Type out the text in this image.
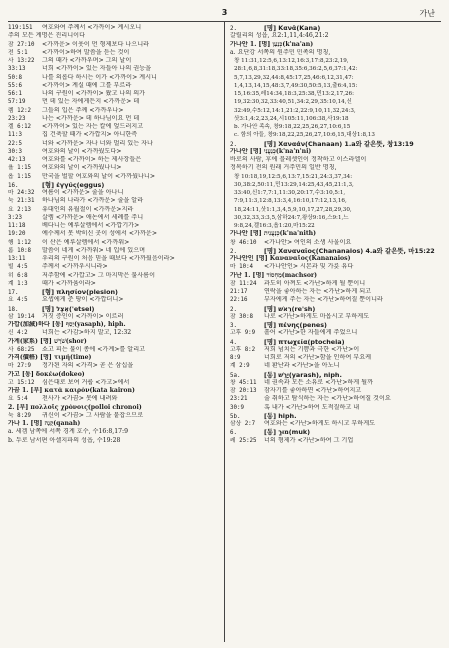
3	가난
119:151 여호와여 주께서 <가까이> 계시오니
주의 모든 계명은 진리니이다
잠 27:10 <가까운> 이웃이 먼 형제보다 나으니라
전 5:1 <가까이>하여 말씀을 듣는 것이
사 13:22 그의 때가 <가까우며> 그의 날이
33:13	너희 <가까이> 있는 자들아 나의 권능을
50:8	나를 의롭다 하시는 이가 <가까이> 계시니
55:6	<가까이> 계실 때에 그를 부르라
56:1	나의 구원이 <가까이> 왔고 나의 의가
57:19	먼 데 있는 자에게든지 <가까운> 데
렘 12:2 그들의 입은 주께 <가까우나>
23:23	나는 <가까운> 데 하나님이요 먼 데
겔 6:12 <가까이> 있는 자는 칼에 엎드러지고
11:3	집 건축할 때가 <가깝지> 아니한즉
22:5	너와 <가까운> 자나 너와 멀리 있는 자나
30:3	여호와의 날이 <가까웠도다>
42:13	여호와를 <가까이> 하는 제사장들은
욜 1:15 여호와의 날이 <가까웠나니>
옵 1:15 만국을 벌할 여호와의 날이 <가까웠나니>
16.	[형] ἐγγύς(eggus)
마 24:32 여름이 <가까운> 줄을 아나니
눅 21:31 하나님의 나라가 <가까운> 줄을 알라
요 2:13 유대인의 유월절이 <가까운>지라
3:23	살렘 <가까운> 애논에서 세례를 주니
11:18	베다니는 예루살렘에서 <가깝기가>
19:20	예수께서 못 박히신 곳이 성에서 <가까운>
행 1:12 이 산은 예루살렘에서 <가까워>
롬 10:8 말씀이 네게 <가까워> 네 입에 있으며
13:11	우리의 구원이 처음 믿을 때보다 <가까웠음이라>
빌 4:5 주께서 <가까우시니라>
히 6:8 저주함에 <가깝고> 그 마지막은 불사름이
계 1:3 때가 <가까움이라>
17.	[형] πλησίον(plesion)
요 4:5 요셉에게 준 땅이 <가깝더니>
18.	[명] אֵצֶל('etsel)
삼 19:14 거짓 증인이 <가까이> 이르러
가깝(加減)하다 [동] יָסַף(yasaph), hiph.
신 4:2 너희는 <가감>하지 말고, 12:32
가계(家系) [명] שֹׁרֶשׁ(shor)
사 68:25 쇼고 피는 불이 종에 <가계>를 알리고
가격(價格) [명] τιμή(time)
마 27:9 정가된 자의 <가격> 곧 은 삼십을
가고 [동] δοκέω(dokeo)
고 15:12 심은대로 보여 거룹 <가고>에서
가끔 1. [부] κατὰ καιρόν(kata kairon)
요 5:4 천사가 <가끔> 못에 내려와
2. [부] πολλοῖς χρόνοις(polloi chronoi)
눅 8:29 귀신이 <가끔> 그 사람을 붙잡으므로
가나 1. [명] קָנָה(qanah)
a. 세겜 남쪽에 서쪽 경계 호수, 수16:8,17:9
b. 두로 남서편 아셀지파의 성읍, 수19:28
2.	[명] Κανᾶ(Kana)
갈릴리의 성읍, 요2:1,11,4:46,21:2
가나안 1. [명] כְּנַעַן(k'na'an)
a. 요단강 서쪽의 원주민 민족의 명칭,
창 11:31,12:5,6,13:12,16:3,17:8,23:2,19,
28:1,6,8,31:18,33:18,35:6,36:2,5,6,37:1,42:
5,7,13,29,32,44:8,45:17,25,46:6,12,31,47:
1,4,13,14,15,48:3,7,49:30,50:5,13,출6:4,15:
15,16:35,레14:34,18:3,25:38,민13:2,17,26:
19,32:30,32,33:40,51,34:2,29,35:10,14,신
32:49,수5:12,14:1,21:2,22:9,10,11,32,24:3,
삿3:1,4:2,23,24,시105:11,106:38,사19:18
b. 가나안 족속, 창9:18,22,25,26,27,10:6,15
c. 함의 아들, 창9:18,22,25,26,27,10:6,15,대상1:8,13
2.	[명] Χαναάν(Chanaan) 1.a와 같은뜻, 창13:19
가나안 [명] כְּנַעֲנִי(k'na'n'ni)
바로의 사람, 후에 블레셋인이 정착하고 이스라엘이
정복하기 전의 원래 거주민의 일반 명칭,
창 10:18,19,12:5,6,13:7,15:21,24:3,37,34:
30,38:2,50:11,민13:29,14:25,43,45,21:1,3,
33:40,신1:7,7:1,11:30,20:17,수3:10,5:1,
7:9,11:3,12:8,13:3,4,16:10,17:12,13,16,
18,24:11,삿1:1,3,4,5,9,10,17,27,28,29,30,
30,32,33,3:3,5,삼하24:7,왕상9:16,스9:1,느
9:8,24,겔16:3,옵1:20,마15:22
가나안 [명] כְּנַעֲנִית(k'na'nith)
창 46:10 <가나안> 여인의 소생 사울이요
2.	[명] Χαναναῖος(Chananaios) 4.a와 같은뜻, 마15:22
가나안인 [명] Καναναῖος(Kananaios)
마 10:4 <가나안인> 시몬과 및 가룟 유다
가난 1. [명] מַחְסוֹר(machsor)
잠 11:24 과도히 아껴도 <가난>하게 될 뿐이니
21:17	연락을 좋아하는 자는 <가난>하게 되고
22:16	부자에게 주는 자는 <가난>하여질 뿐이니라
2.	[명] רֵאשׁ(re'sh)
잠 30:8 나로 <가난>하게도 마옵시고 부하게도
3.	[명] πένης(penes)
고후 9:9 흩어 <가난>한 자들에게 주었으니
4.	[명] πτωχεία(ptocheia)
고후 8:2 저희 넘치는 기쁨과 극한 <가난>이
8:9	너희로 저의 <가난>함을 인하여 부요케
계 2:9 네 환난과 <가난>을 아노니
5a.	[동] יָרַשׁ(yarash), niph.
창 45:11 네 권속과 모든 소유로 <가난>하게 될까
잠 20:13 잠자기를 좋아하면 <가난>하여지고
23:21	술 취하고 탐식하는 자는 <가난>하여질 것이요
30:9	혹 내가 <가난>하여 도적질하고 내
5b.	[동] hiph.
삼상 2:7 여호와는 <가난>하게도 하시고 부하게도
6.	[동] מוּךְ(muk)
레 25:25 너의 형제가 <가난>하여 그 기업
